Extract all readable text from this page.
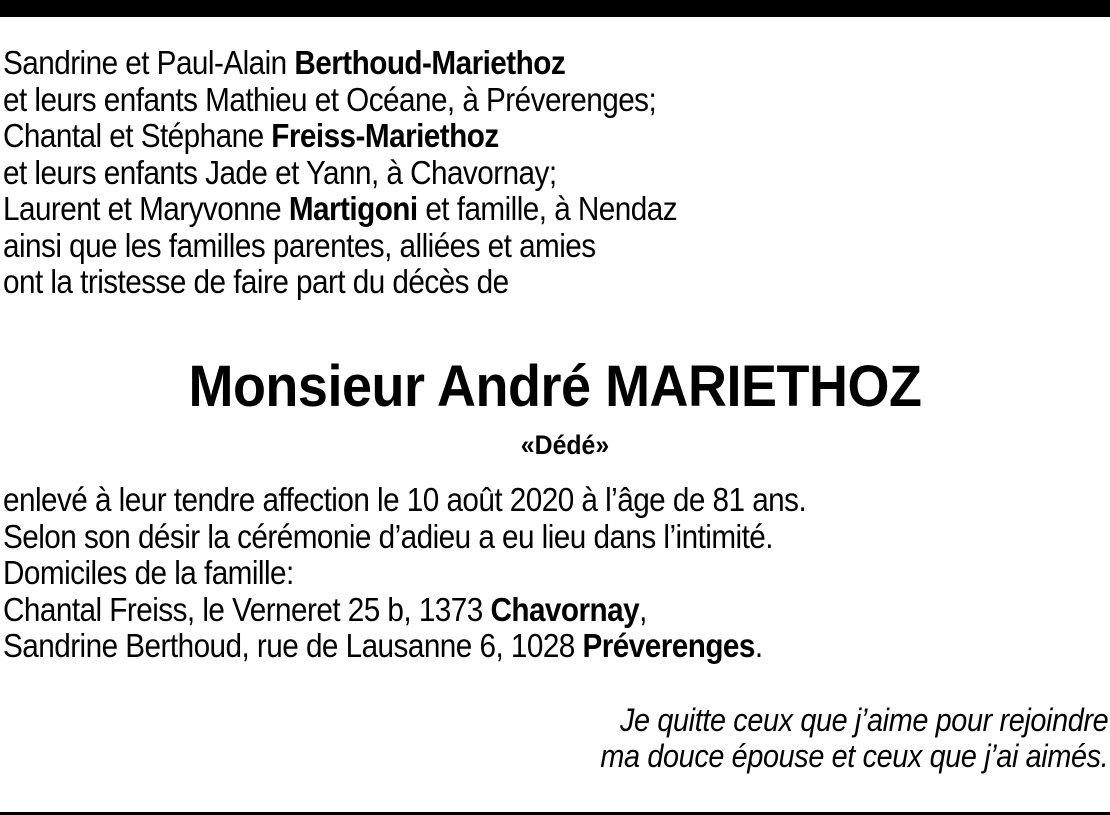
Sandrine et Paul-Alain Berthoud-Mariethoz
et leurs enfants Mathieu et Océane, à Préverenges;
Chantal et Stéphane Freiss-Mariethoz
et leurs enfants Jade et Yann, à Chavornay;
Laurent et Maryvonne Martigoni et famille, à Nendaz
ainsi que les familles parentes, alliées et amies
ont la tristesse de faire part du décès de
Monsieur André MARIETHOZ
«Dédé»
enlevé à leur tendre affection le 10 août 2020 à l’âge de 81 ans.
Selon son désir la cérémonie d’adieu a eu lieu dans l’intimité.
Domiciles de la famille:
Chantal Freiss, le Verneret 25 b, 1373 Chavornay,
Sandrine Berthoud, rue de Lausanne 6, 1028 Préverenges.
Je quitte ceux que j’aime pour rejoindre
ma douce épouse et ceux que j’ai aimés.
